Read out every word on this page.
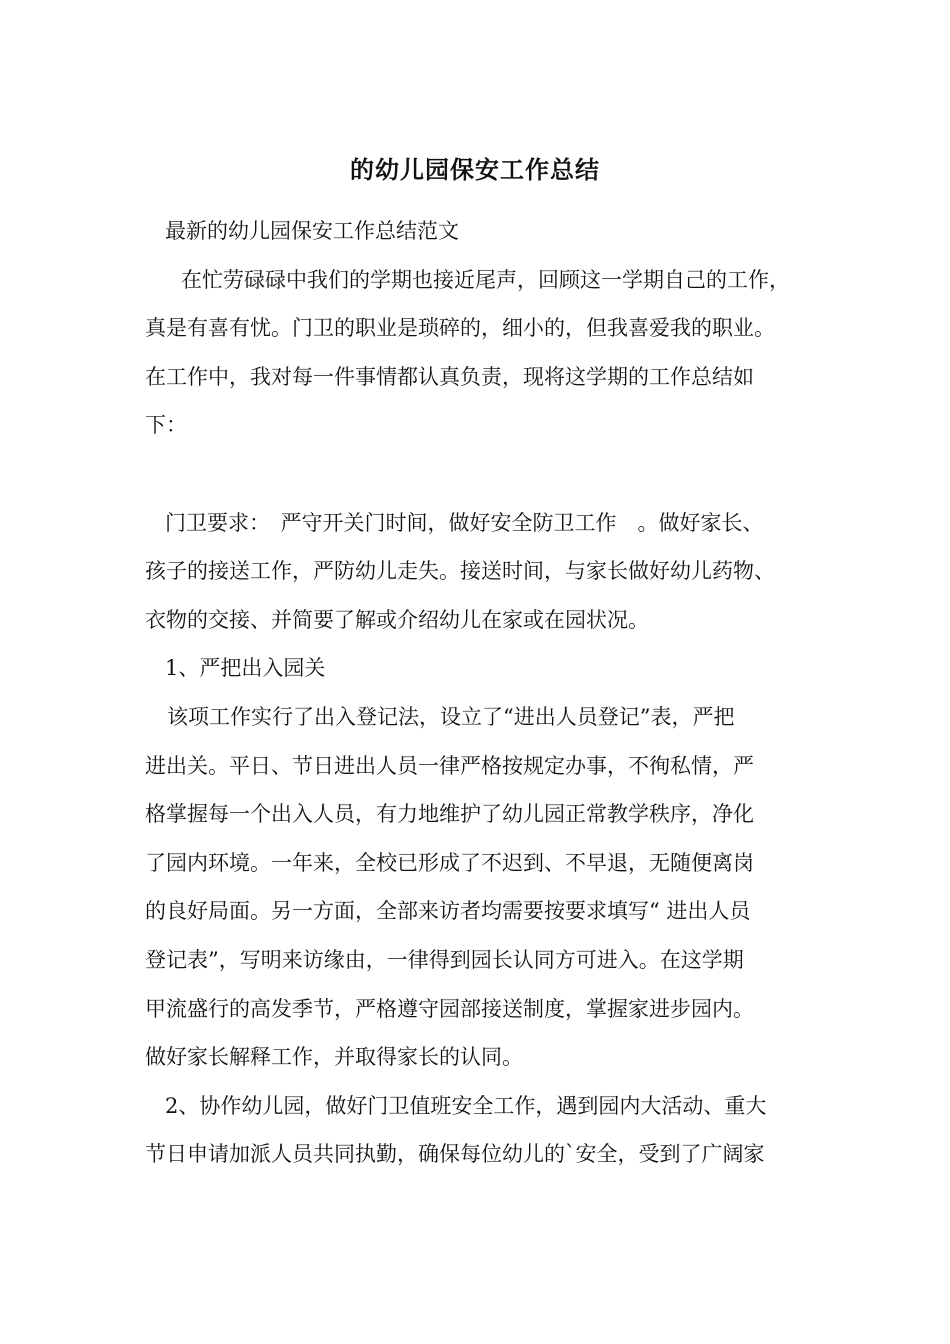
的幼儿园保安工作总结
最新的幼儿园保安工作总结范文
在忙劳碌碌中我们的学期也接近尾声，回顾这一学期自己的工作，
真是有喜有忧。门卫的职业是琐碎的，细小的，但我喜爱我的职业。
在工作中，我对每一件事情都认真负责，现将这学期的工作总结如
下：
门卫要求：　严守开关门时间，做好安全防卫工作　。做好家长、
孩子的接送工作，严防幼儿走失。接送时间，与家长做好幼儿药物、
衣物的交接、并简要了解或介绍幼儿在家或在园状况。
1、严把出入园关
该项工作实行了出入登记法，设立了“进出人员登记”表，严把
进出关。平日、节日进出人员一律严格按规定办事，不徇私情，严
格掌握每一个出入人员，有力地维护了幼儿园正常教学秩序，净化
了园内环境。一年来，全校已形成了不迟到、不早退，无随便离岗
的良好局面。另一方面，全部来访者均需要按要求填写“ 进出人员
登记表”，写明来访缘由，一律得到园长认同方可进入。在这学期
甲流盛行的高发季节，严格遵守园部接送制度，掌握家进步园内。
做好家长解释工作，并取得家长的认同。
2、协作幼儿园，做好门卫值班安全工作，遇到园内大活动、重大
节日申请加派人员共同执勤，确保每位幼儿的`安全，受到了广阔家
